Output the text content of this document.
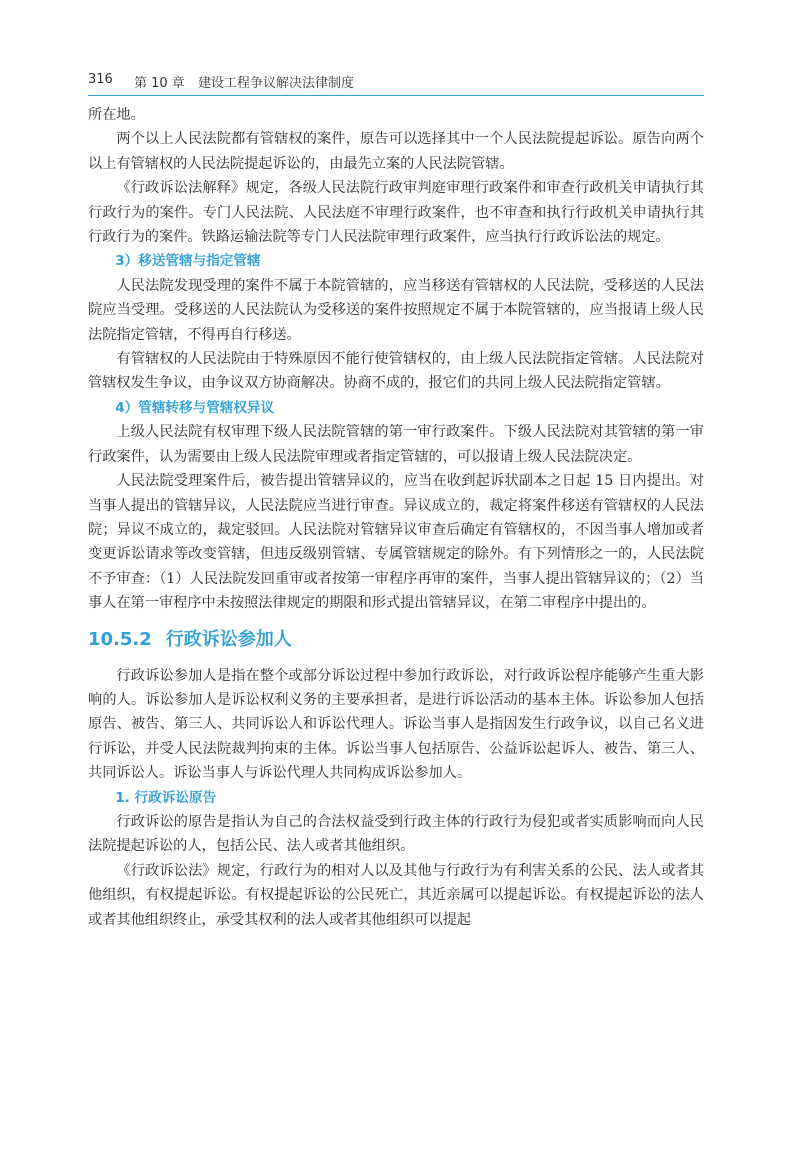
316 第 10 章 建设工程争议解决法律制度

所在地。

两个以上人民法院都有管辖权的案件，原告可以选择其中一个人民法院提起诉讼。原告向两个以上有管辖权的人民法院提起诉讼的，由最先立案的人民法院管辖。

《行政诉讼法解释》规定，各级人民法院行政审判庭审理行政案件和审查行政机关申请执行其行政行为的案件。专门人民法院、人民法庭不审理行政案件，也不审查和执行行政机关申请执行其行政行为的案件。铁路运输法院等专门人民法院审理行政案件，应当执行行政诉讼法的规定。

3）移送管辖与指定管辖

人民法院发现受理的案件不属于本院管辖的，应当移送有管辖权的人民法院，受移送的人民法院应当受理。受移送的人民法院认为受移送的案件按照规定不属于本院管辖的，应当报请上级人民法院指定管辖，不得再自行移送。

有管辖权的人民法院由于特殊原因不能行使管辖权的，由上级人民法院指定管辖。人民法院对管辖权发生争议，由争议双方协商解决。协商不成的，报它们的共同上级人民法院指定管辖。

4）管辖转移与管辖权异议

上级人民法院有权审理下级人民法院管辖的第一审行政案件。下级人民法院对其管辖的第一审行政案件，认为需要由上级人民法院审理或者指定管辖的，可以报请上级人民法院决定。

人民法院受理案件后，被告提出管辖异议的，应当在收到起诉状副本之日起 15 日内提出。对当事人提出的管辖异议，人民法院应当进行审查。异议成立的，裁定将案件移送有管辖权的人民法院；异议不成立的，裁定驳回。人民法院对管辖异议审查后确定有管辖权的，不因当事人增加或者变更诉讼请求等改变管辖，但违反级别管辖、专属管辖规定的除外。有下列情形之一的，人民法院不予审查：（1）人民法院发回重审或者按第一审程序再审的案件，当事人提出管辖异议的；（2）当事人在第一审程序中未按照法律规定的期限和形式提出管辖异议，在第二审程序中提出的。

10.5.2 行政诉讼参加人

行政诉讼参加人是指在整个或部分诉讼过程中参加行政诉讼，对行政诉讼程序能够产生重大影响的人。诉讼参加人是诉讼权利义务的主要承担者，是进行诉讼活动的基本主体。诉讼参加人包括原告、被告、第三人、共同诉讼人和诉讼代理人。诉讼当事人是指因发生行政争议，以自己名义进行诉讼，并受人民法院裁判拘束的主体。诉讼当事人包括原告、公益诉讼起诉人、被告、第三人、共同诉讼人。诉讼当事人与诉讼代理人共同构成诉讼参加人。

1. 行政诉讼原告

行政诉讼的原告是指认为自己的合法权益受到行政主体的行政行为侵犯或者实质影响而向人民法院提起诉讼的人，包括公民、法人或者其他组织。

《行政诉讼法》规定，行政行为的相对人以及其他与行政行为有利害关系的公民、法人或者其他组织，有权提起诉讼。有权提起诉讼的公民死亡，其近亲属可以提起诉讼。有权提起诉讼的法人或者其他组织终止，承受其权利的法人或者其他组织可以提起
